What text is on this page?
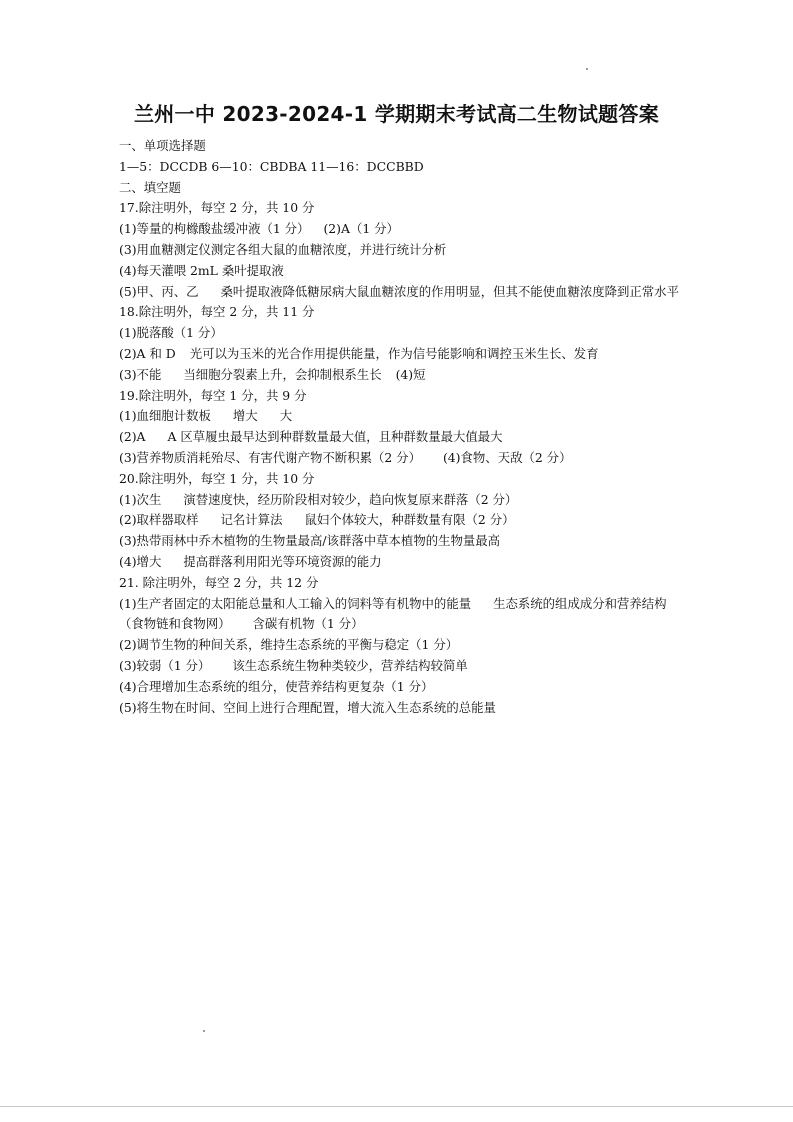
兰州一中 2023-2024-1 学期期末考试高二生物试题答案
一、单项选择题
1—5：DCCDB 6—10：CBDBA 11—16：DCCBBD
二、填空题
17.除注明外，每空 2 分，共 10 分
(1)等量的枸橼酸盐缓冲液（1 分） (2)A（1 分）
(3)用血糖测定仪测定各组大鼠的血糖浓度，并进行统计分析
(4)每天灌喂 2mL 桑叶提取液
(5)甲、丙、乙 桑叶提取液降低糖尿病大鼠血糖浓度的作用明显，但其不能使血糖浓度降到正常水平
18.除注明外，每空 2 分，共 11 分
(1)脱落酸（1 分）
(2)A 和 D 光可以为玉米的光合作用提供能量，作为信号能影响和调控玉米生长、发育
(3)不能 当细胞分裂素上升，会抑制根系生长 (4)短
19.除注明外，每空 1 分，共 9 分
(1)血细胞计数板 增大 大
(2)A A 区草履虫最早达到种群数量最大值，且种群数量最大值最大
(3)营养物质消耗殆尽、有害代谢产物不断积累（2 分） (4)食物、天敌（2 分）
20.除注明外，每空 1 分，共 10 分
(1)次生 演替速度快，经历阶段相对较少，趋向恢复原来群落（2 分）
(2)取样器取样 记名计算法 鼠妇个体较大，种群数量有限（2 分）
(3)热带雨林中乔木植物的生物量最高/该群落中草本植物的生物量最高
(4)增大 提高群落利用阳光等环境资源的能力
21. 除注明外，每空 2 分，共 12 分
(1)生产者固定的太阳能总量和人工输入的饲料等有机物中的能量 生态系统的组成成分和营养结构（食物链和食物网） 含碳有机物（1 分）
(2)调节生物的种间关系，维持生态系统的平衡与稳定（1 分）
(3)较弱（1 分） 该生态系统生物种类较少，营养结构较简单
(4)合理增加生态系统的组分，使营养结构更复杂（1 分）
(5)将生物在时间、空间上进行合理配置，增大流入生态系统的总能量
